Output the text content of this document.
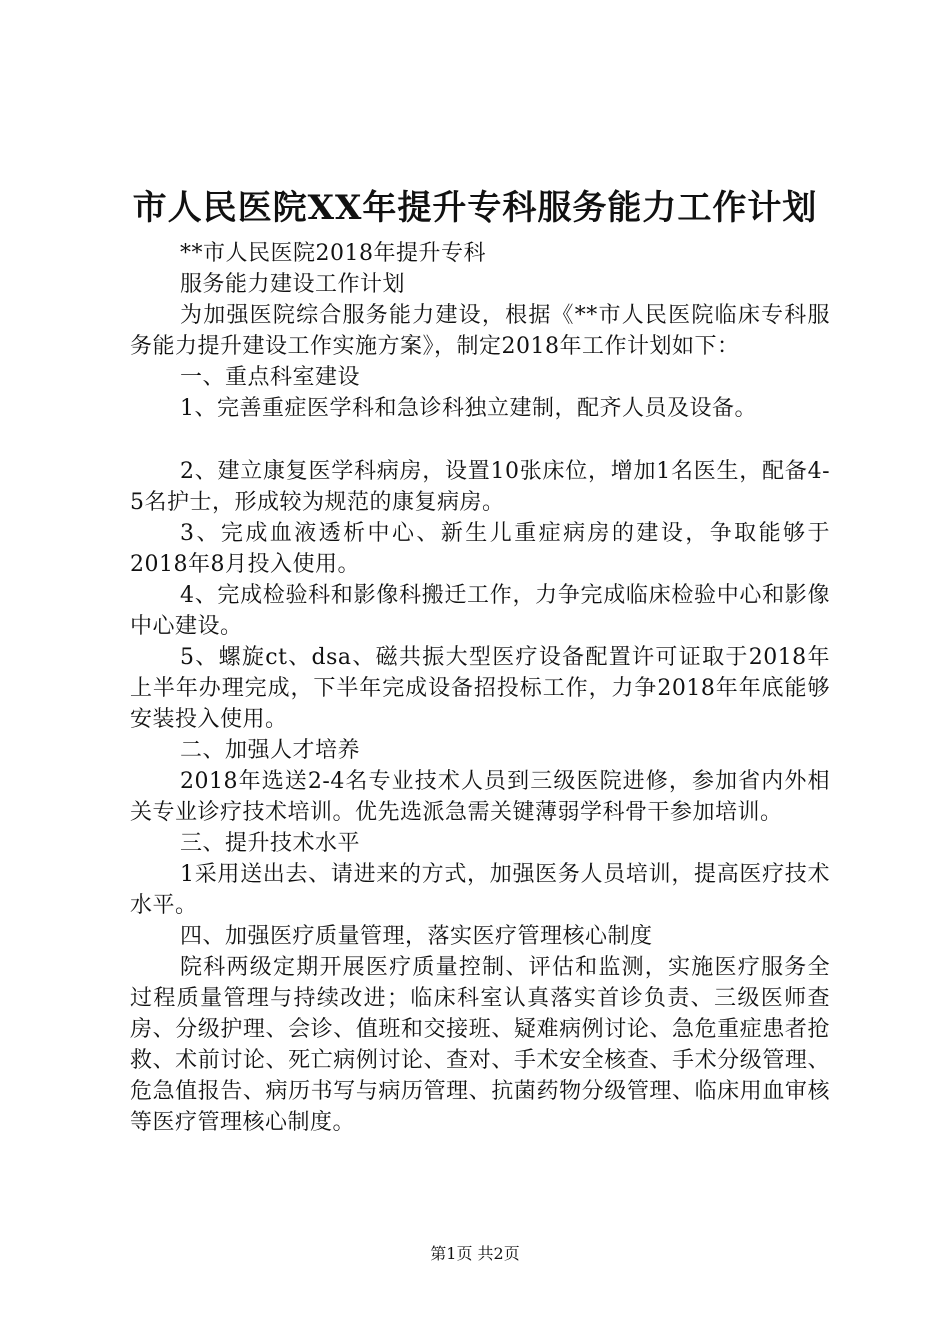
市人民医院XX年提升专科服务能力工作计划

**市人民医院2018年提升专科

服务能力建设工作计划

为加强医院综合服务能力建设，根据《**市人民医院临床专科服务能力提升建设工作实施方案》，制定2018年工作计划如下：

一、重点科室建设

1、完善重症医学科和急诊科独立建制，配齐人员及设备。

2、建立康复医学科病房，设置10张床位，增加1名医生，配备4-5名护士，形成较为规范的康复病房。

3、完成血液透析中心、新生儿重症病房的建设，争取能够于2018年8月投入使用。

4、完成检验科和影像科搬迁工作，力争完成临床检验中心和影像中心建设。

5、螺旋ct、dsa、磁共振大型医疗设备配置许可证取于2018年上半年办理完成，下半年完成设备招投标工作，力争2018年年底能够安装投入使用。

二、加强人才培养

2018年选送2-4名专业技术人员到三级医院进修，参加省内外相关专业诊疗技术培训。优先选派急需关键薄弱学科骨干参加培训。

三、提升技术水平

1采用送出去、请进来的方式，加强医务人员培训，提高医疗技术水平。

四、加强医疗质量管理，落实医疗管理核心制度

院科两级定期开展医疗质量控制、评估和监测，实施医疗服务全过程质量管理与持续改进；临床科室认真落实首诊负责、三级医师查房、分级护理、会诊、值班和交接班、疑难病例讨论、急危重症患者抢救、术前讨论、死亡病例讨论、查对、手术安全核查、手术分级管理、危急值报告、病历书写与病历管理、抗菌药物分级管理、临床用血审核等医疗管理核心制度。

第1页 共2页
